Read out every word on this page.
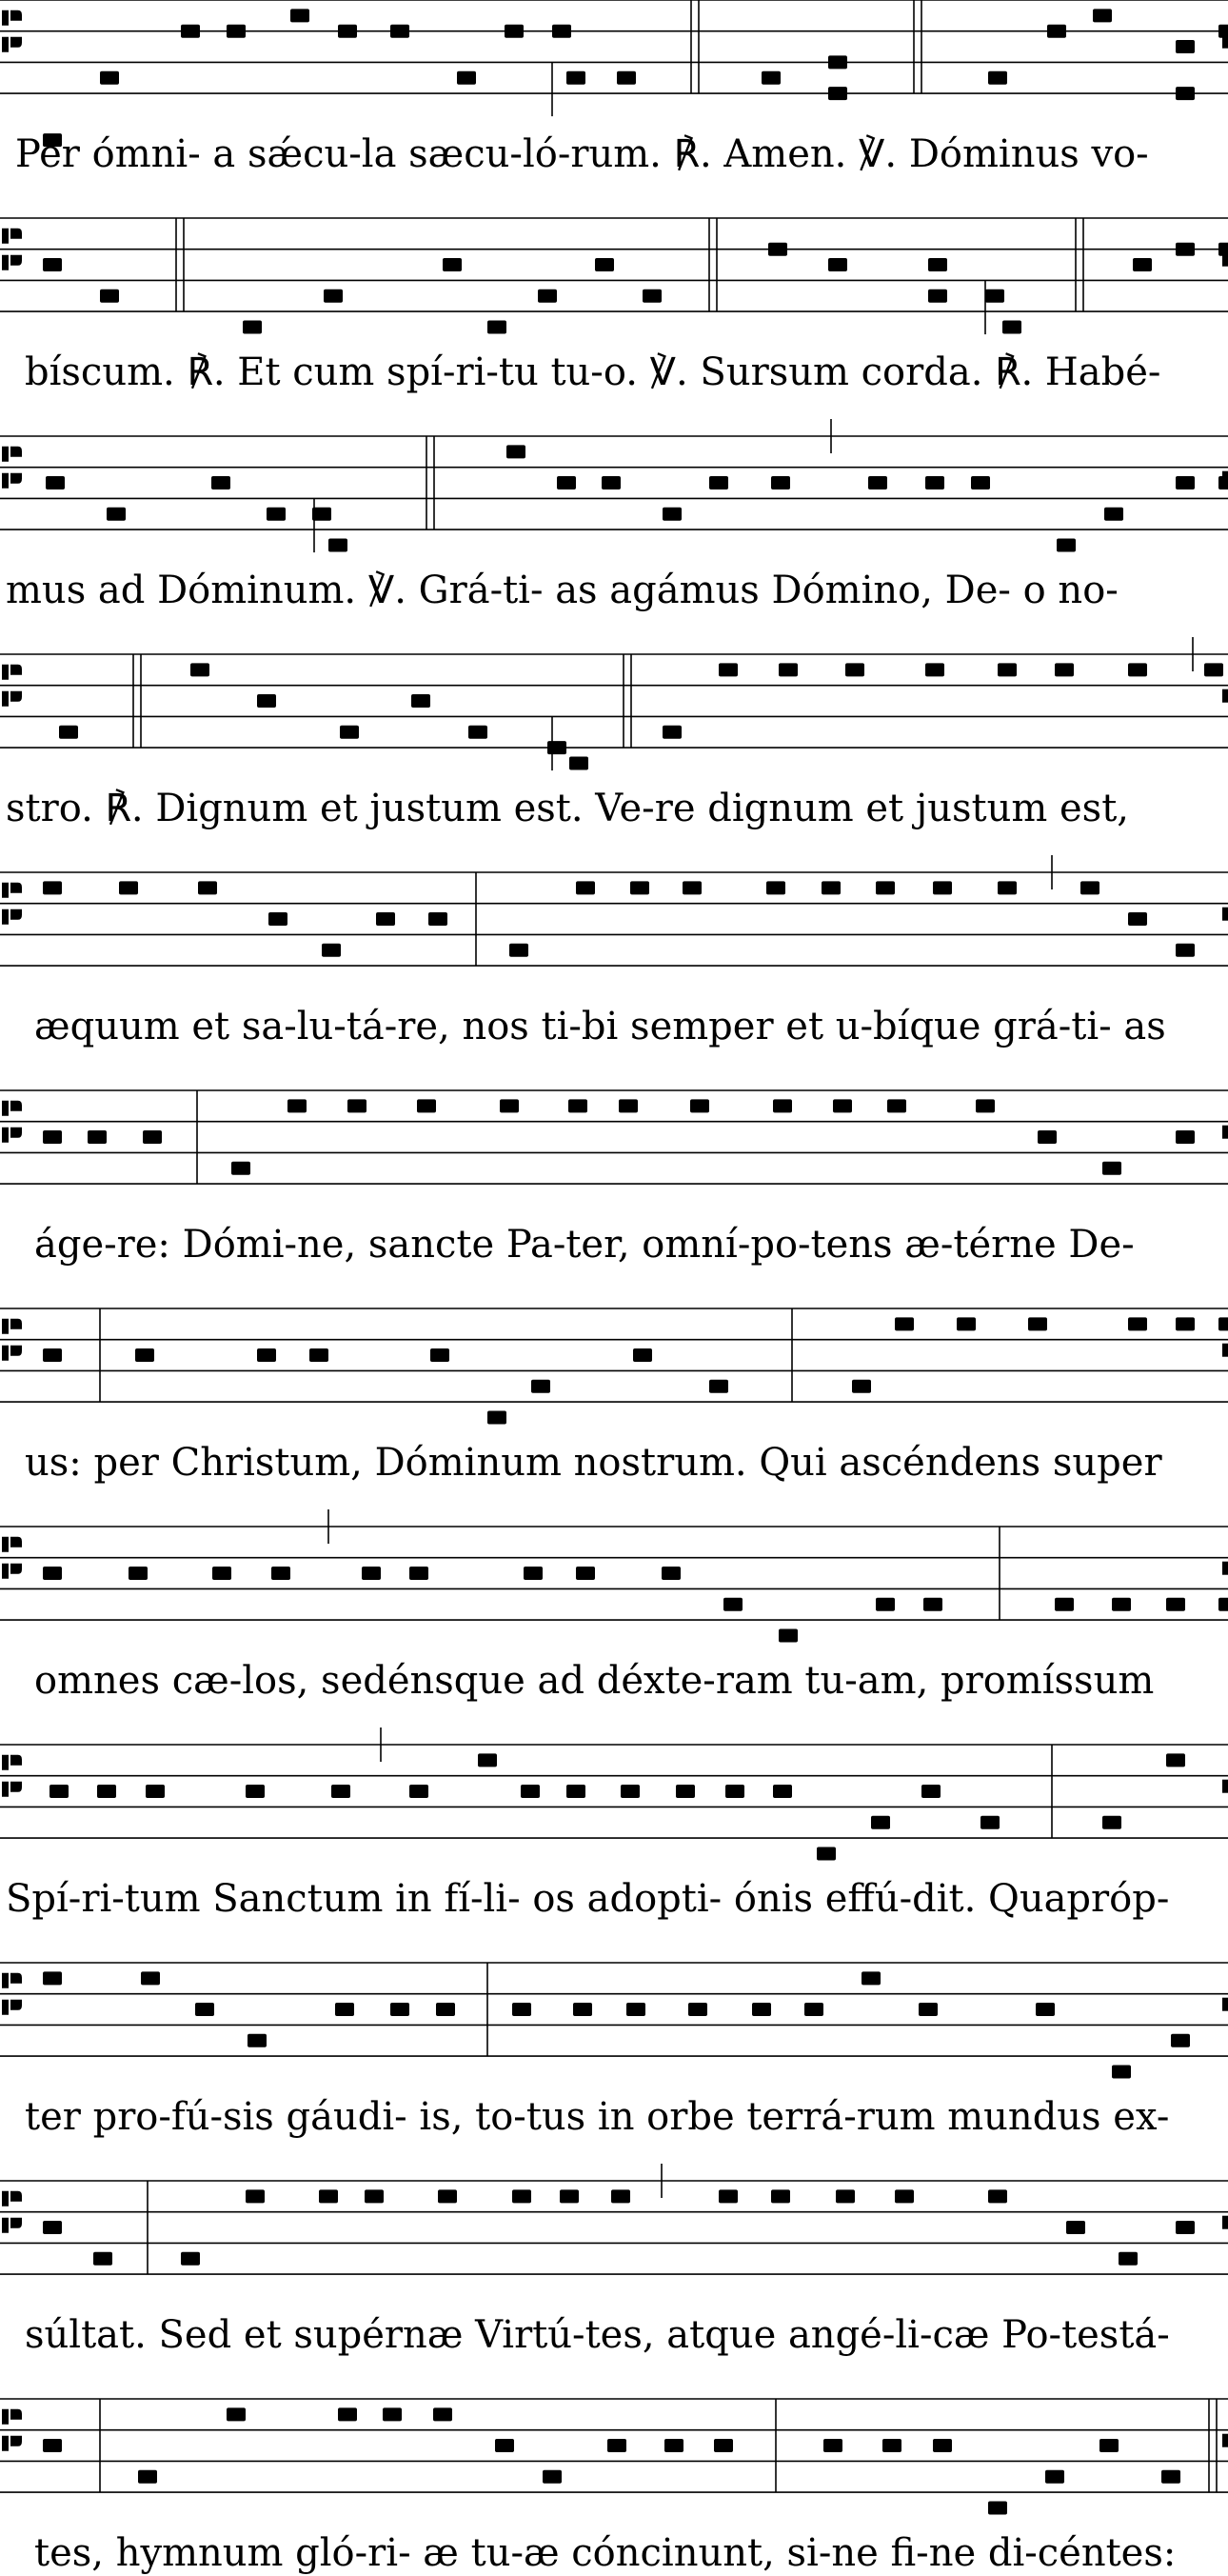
Per ómni- a sǽcu-la sæcu-ló-rum. ℟. Amen. ℣. Dóminus vo-
bíscum. ℟. Et cum spí-ri-tu tu-o. ℣. Sursum corda. ℟. Habé-
mus ad Dóminum. ℣. Grá-ti- as agámus Dómino, De- o no-
stro. ℟. Dignum et justum est. Ve-re dignum et justum est,
æquum et sa-lu-tá-re, nos ti-bi semper et u-bíque grá-ti- as
áge-re: Dómi-ne, sancte Pa-ter, omní-po-tens æ-térne De-
us: per Christum, Dóminum nostrum. Qui ascéndens super
omnes cæ-los, sedénsque ad déxte-ram tu-am, promíssum
Spí-ri-tum Sanctum in fí-li- os adopti- ónis effú-dit. Quapróp-
ter pro-fú-sis gáudi- is, to-tus in orbe terrá-rum mundus ex-
súltat. Sed et supérnæ Virtú-tes, atque angé-li-cæ Po-testá-
tes, hymnum gló-ri- æ tu-æ cóncinunt, si-ne fi-ne di-céntes:
